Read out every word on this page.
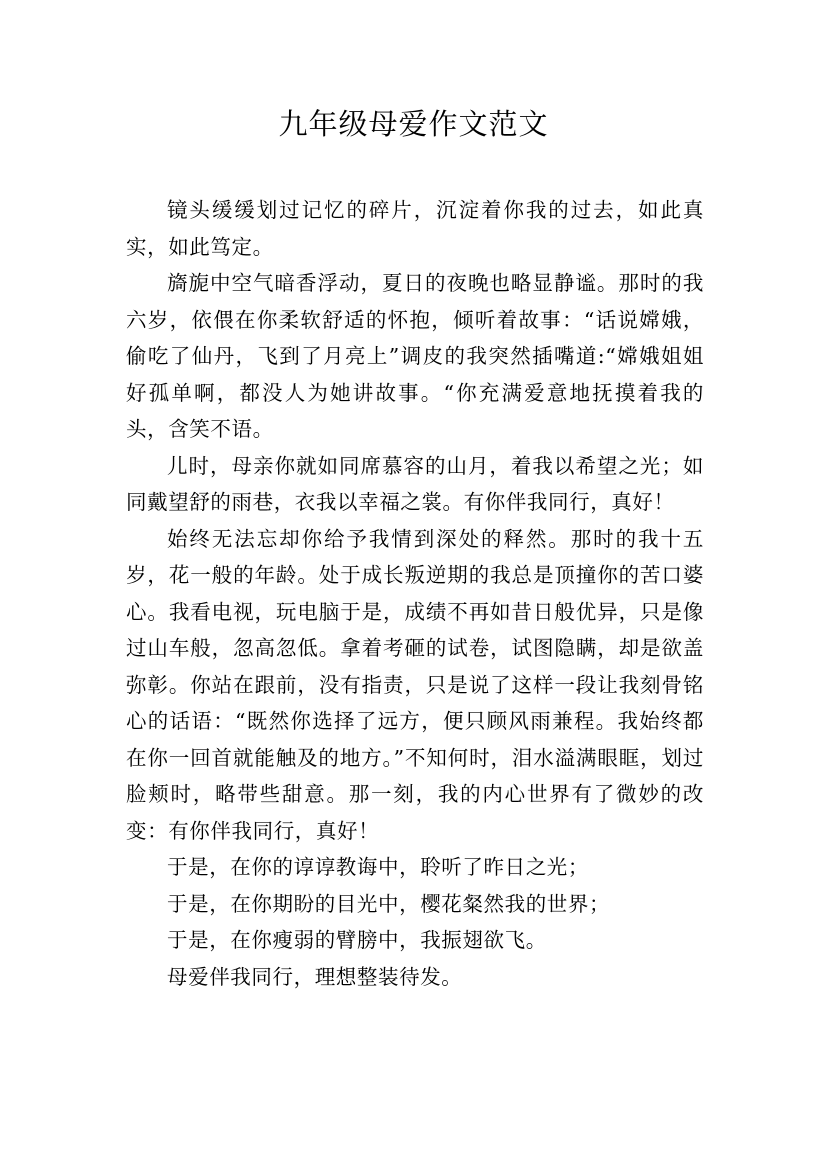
九年级母爱作文范文

镜头缓缓划过记忆的碎片，沉淀着你我的过去，如此真实，如此笃定。

旖旎中空气暗香浮动，夏日的夜晚也略显静谧。那时的我六岁，依偎在你柔软舒适的怀抱，倾听着故事：“话说嫦娥，偷吃了仙丹，飞到了月亮上”调皮的我突然插嘴道:“嫦娥姐姐好孤单啊，都没人为她讲故事。“你充满爱意地抚摸着我的头，含笑不语。

儿时，母亲你就如同席慕容的山月，着我以希望之光；如同戴望舒的雨巷，衣我以幸福之裳。有你伴我同行，真好！

始终无法忘却你给予我情到深处的释然。那时的我十五岁，花一般的年龄。处于成长叛逆期的我总是顶撞你的苦口婆心。我看电视，玩电脑于是，成绩不再如昔日般优异，只是像过山车般，忽高忽低。拿着考砸的试卷，试图隐瞒，却是欲盖弥彰。你站在跟前，没有指责，只是说了这样一段让我刻骨铭心的话语：“既然你选择了远方，便只顾风雨兼程。我始终都在你一回首就能触及的地方。”不知何时，泪水溢满眼眶，划过脸颊时，略带些甜意。那一刻，我的内心世界有了微妙的改变：有你伴我同行，真好！

于是，在你的谆谆教诲中，聆听了昨日之光；

于是，在你期盼的目光中，樱花粲然我的世界；

于是，在你瘦弱的臂膀中，我振翅欲飞。

母爱伴我同行，理想整装待发。
